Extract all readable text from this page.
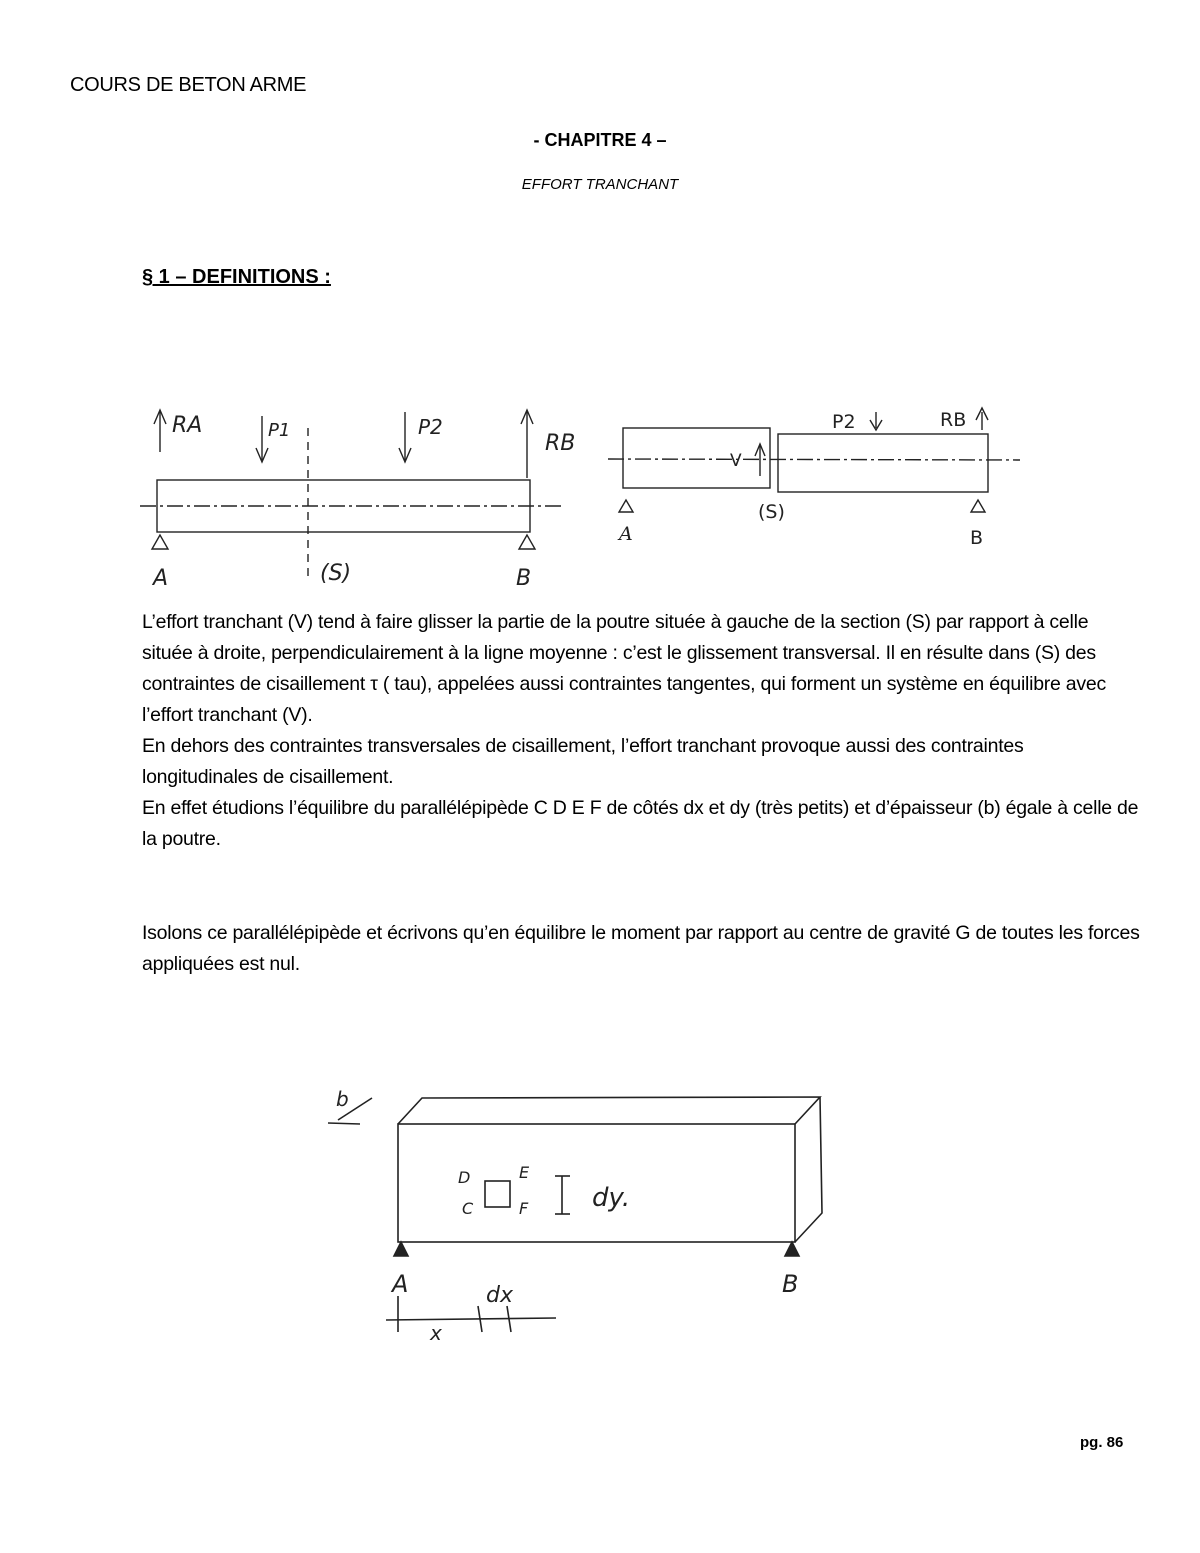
COURS DE BETON ARME
- CHAPITRE 4 –
EFFORT TRANCHANT
§ 1 – DEFINITIONS :
RA	P1	P2
RB
A	B
(S)
P2	RB
V
(S)
A	B
b
D	E
C	F dy.
A	B
dx
x

L’effort tranchant (V) tend à faire glisser la partie de la poutre située à gauche de la section (S) par rapport à celle située à droite, perpendiculairement à la ligne moyenne : c’est le glissement transversal. Il en résulte dans (S) des contraintes de cisaillement τ ( tau), appelées aussi contraintes tangentes, qui forment un système en équilibre avec l’effort tranchant (V).

En dehors des contraintes transversales de cisaillement, l’effort tranchant provoque aussi des contraintes longitudinales de cisaillement.

En effet étudions l’équilibre du parallélépipède C D E F de côtés dx et dy (très petits) et d’épaisseur (b) égale à celle de la poutre.

Isolons ce parallélépipède et écrivons qu’en équilibre le moment par rapport au centre de gravité G de toutes les forces appliquées est nul.

pg. 86
